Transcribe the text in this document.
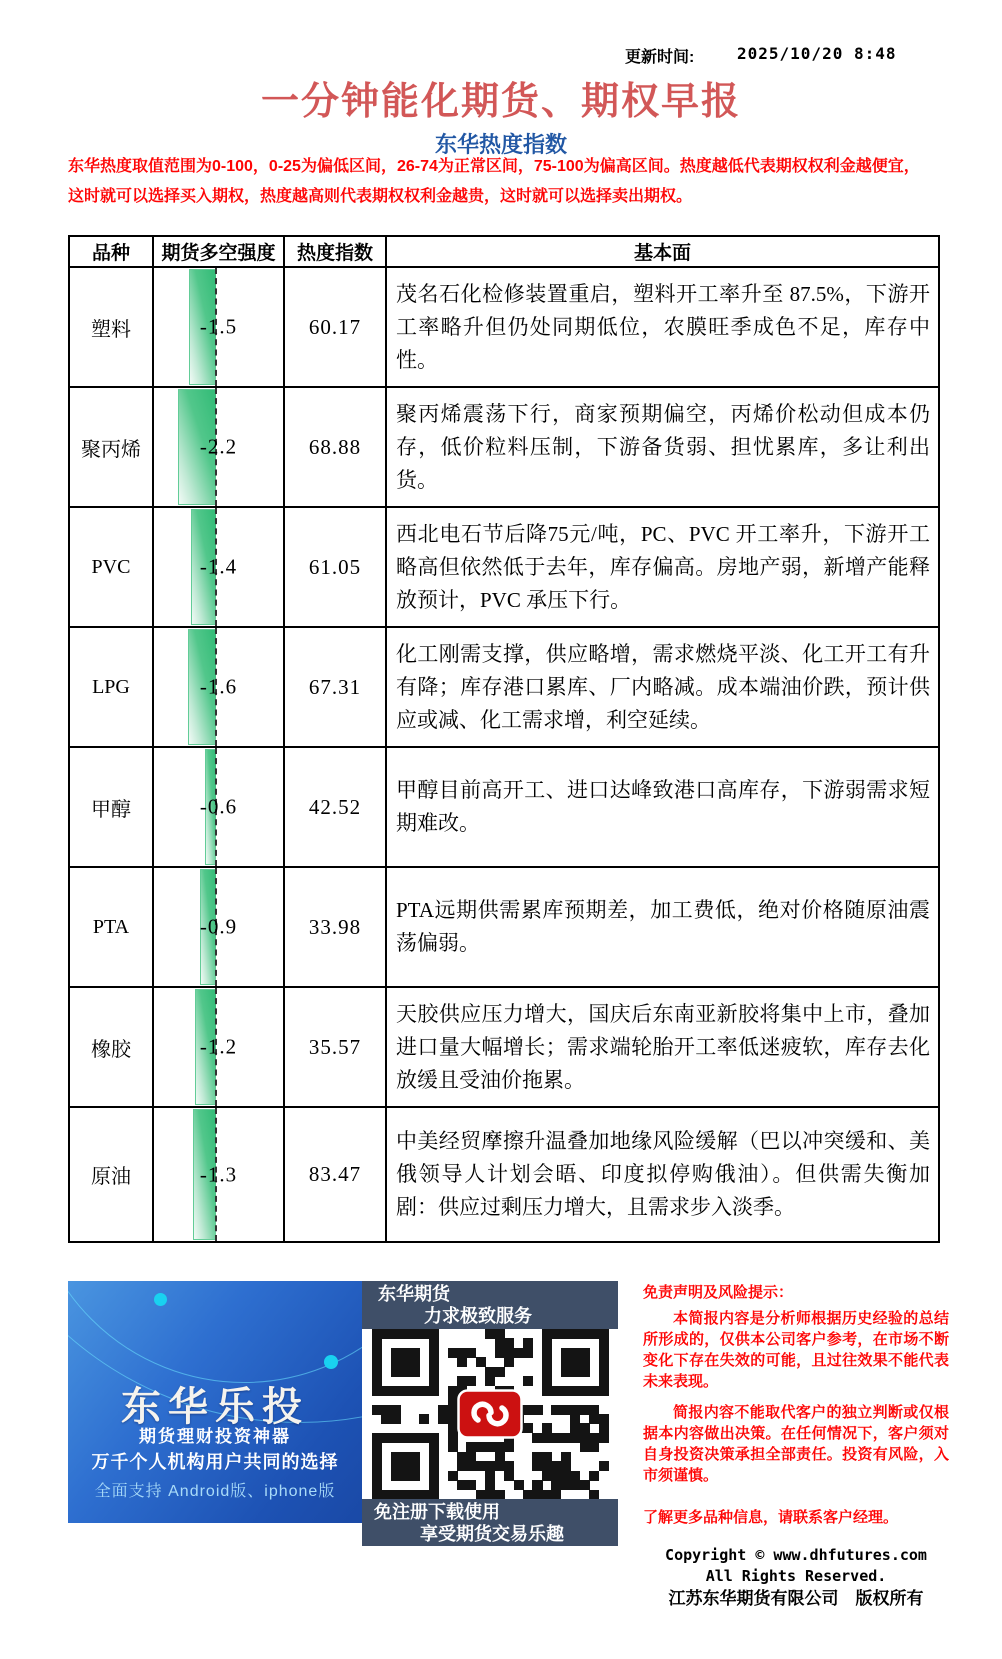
更新时间:	2025/10/20 8:48
一分钟能化期货、期权早报
东华热度指数
东华热度取值范围为0-100，0-25为偏低区间，26-74为正常区间，75-100为偏高区间。热度越低代表期权权利金越便宜，
这时就可以选择买入期权，热度越高则代表期权权利金越贵，这时就可以选择卖出期权。
品种	期货多空强度	热度指数	基本面
塑料	-1.5	60.17	茂名石化检修装置重启，塑料开工率升至 87.5%，下游开工率略升但仍处同期低位，农膜旺季成色不足，库存中性。
聚丙烯	-2.2	68.88	聚丙烯震荡下行，商家预期偏空，丙烯价松动但成本仍存，低价粒料压制，下游备货弱、担忧累库，多让利出货。
PVC	-1.4	61.05	西北电石节后降75元/吨，PC、PVC 开工率升，下游开工略高但依然低于去年，库存偏高。房地产弱，新增产能释放预计，PVC 承压下行。
LPG	-1.6	67.31	化工刚需支撑，供应略增，需求燃烧平淡、化工开工有升有降；库存港口累库、厂内略减。成本端油价跌，预计供应或减、化工需求增，利空延续。
甲醇	-0.6	42.52	甲醇目前高开工、进口达峰致港口高库存，下游弱需求短期难改。
PTA	-0.9	33.98	PTA远期供需累库预期差，加工费低，绝对价格随原油震荡偏弱。
橡胶	-1.2	35.57	天胶供应压力增大，国庆后东南亚新胶将集中上市，叠加进口量大幅增长；需求端轮胎开工率低迷疲软，库存去化放缓且受油价拖累。
原油	-1.3	83.47	中美经贸摩擦升温叠加地缘风险缓解（巴以冲突缓和、美俄领导人计划会晤、印度拟停购俄油）。但供需失衡加剧：供应过剩压力增大，且需求步入淡季。
东华乐投
期货理财投资神器
万千个人机构用户共同的选择
全面支持 Android版、iphone版
东华期货
力求极致服务
免注册下载使用
享受期货交易乐趣

免责声明及风险提示：

本简报内容是分析师根据历史经验的总结所形成的，仅供本公司客户参考，在市场不断变化下存在失效的可能，且过往效果不能代表未来表现。

简报内容不能取代客户的独立判断或仅根据本内容做出决策。在任何情况下，客户须对自身投资决策承担全部责任。投资有风险，入市须谨慎。

了解更多品种信息，请联系客户经理。

Copyright © www.dhfutures.com
All Rights Reserved.
江苏东华期货有限公司　版权所有
